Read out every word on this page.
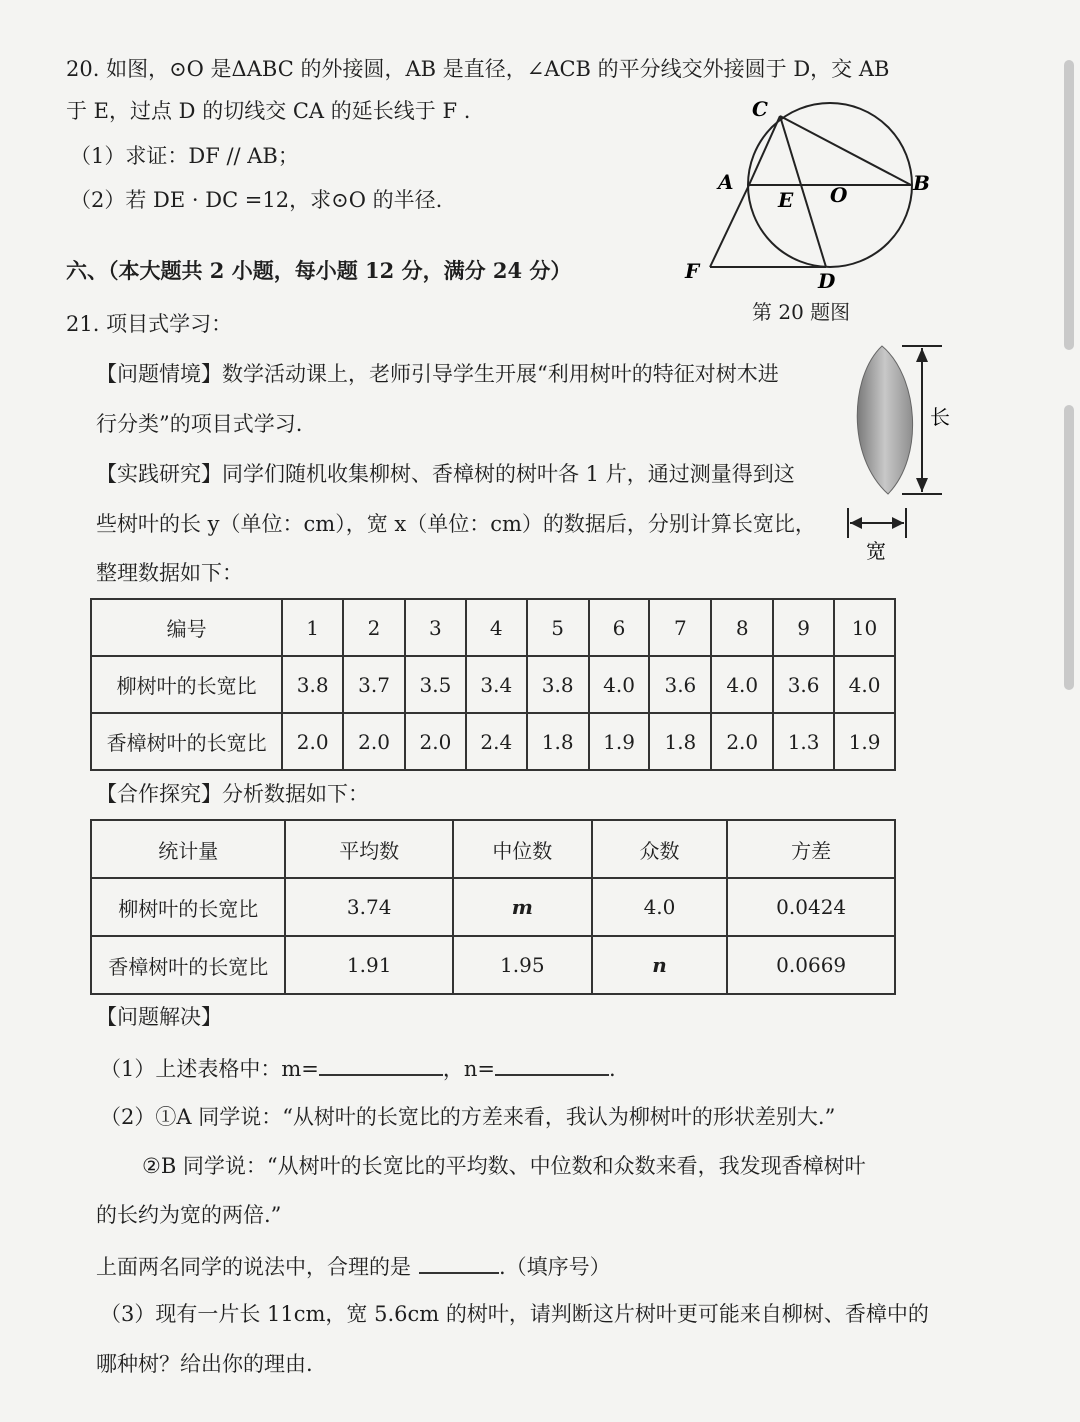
20. 如图，⊙O 是ΔABC 的外接圆，AB 是直径，∠ACB 的平分线交外接圆于 D，交 AB
于 E，过点 D 的切线交 CA 的延长线于 F .
（1）求证：DF // AB；
（2）若 DE · DC =12，求⊙O 的半径.
C
A
E O	B
F	D
第 20 题图
六、（本大题共 2 小题，每小题 12 分，满分 24 分）
21. 项目式学习：
【问题情境】数学活动课上，老师引导学生开展“利用树叶的特征对树木进
行分类”的项目式学习.
【实践研究】同学们随机收集柳树、香樟树的树叶各 1 片，通过测量得到这
些树叶的长 y（单位：cm），宽 x（单位：cm）的数据后，分别计算长宽比，
整理数据如下：
长
宽
编号	1	2	3	4	5	6	7	8	9	10
柳树叶的长宽比	3.8	3.7	3.5	3.4	3.8	4.0	3.6	4.0	3.6	4.0
香樟树叶的长宽比	2.0	2.0	2.0	2.4	1.8	1.9	1.8	2.0	1.3	1.9
【合作探究】分析数据如下：
统计量	平均数	中位数	众数	方差
柳树叶的长宽比	3.74	m	4.0	0.0424
香樟树叶的长宽比	1.91	1.95	n	0.0669
【问题解决】
（1）上述表格中：m=	，n=	.
（2）①A 同学说：“从树叶的长宽比的方差来看，我认为柳树叶的形状差别大.”
②B 同学说：“从树叶的长宽比的平均数、中位数和众数来看，我发现香樟树叶
的长约为宽的两倍.”
上面两名同学的说法中，合理的是	.（填序号）
（3）现有一片长 11cm，宽 5.6cm 的树叶，请判断这片树叶更可能来自柳树、香樟中的
哪种树？给出你的理由.
